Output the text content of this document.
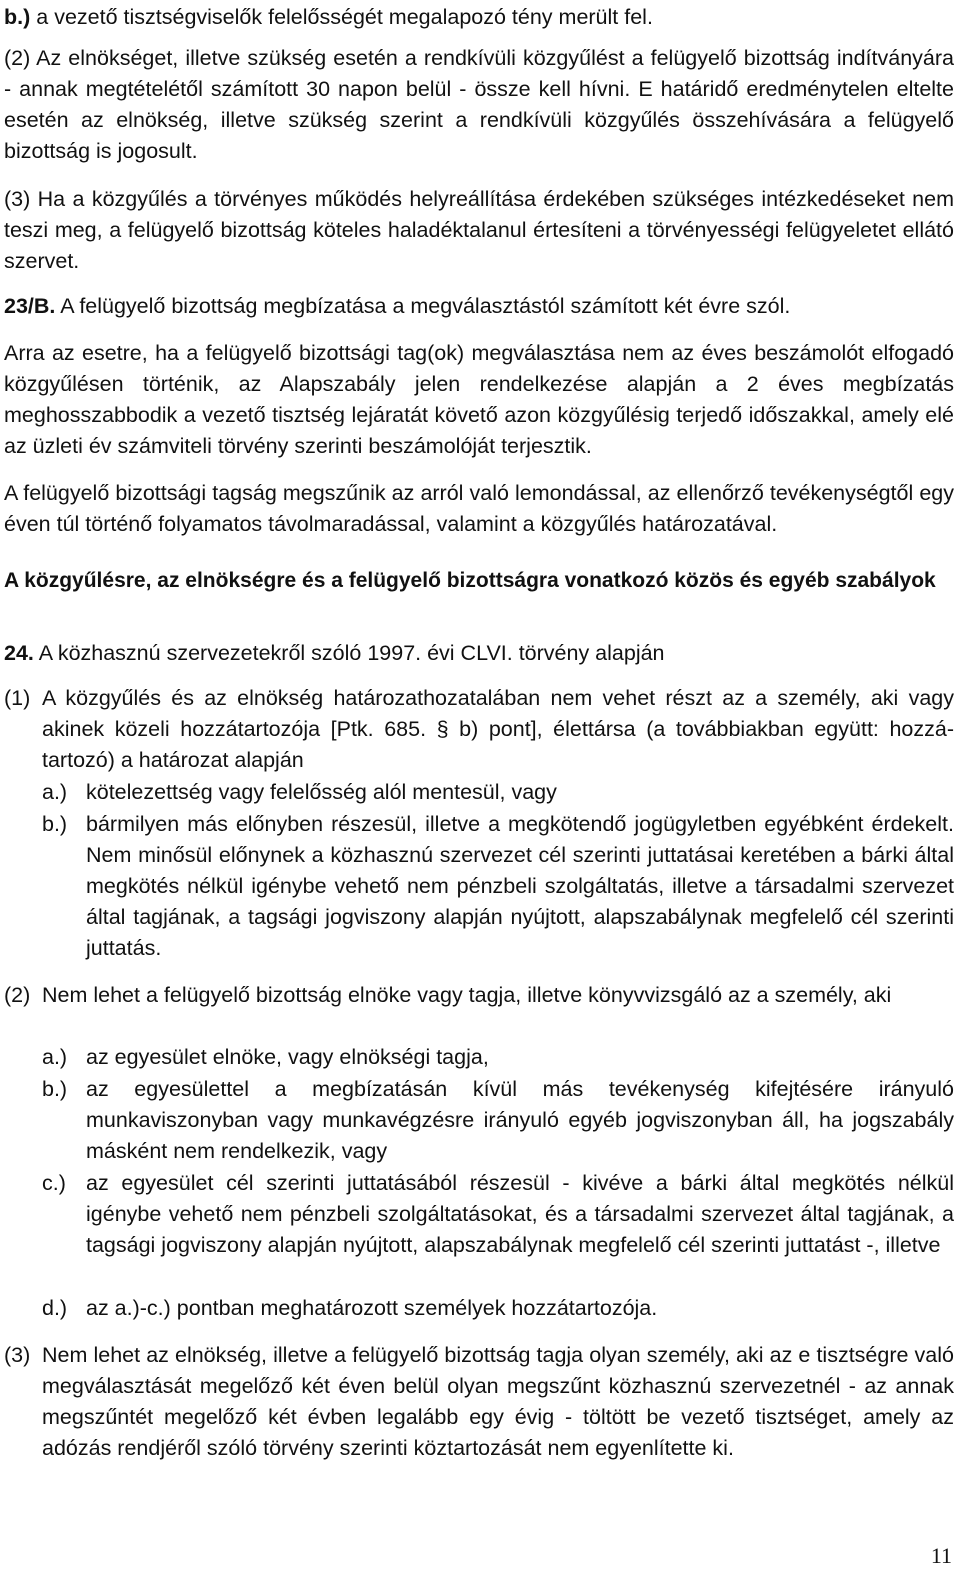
b.) a vezető tisztségviselők felelősségét megalapozó tény merült fel.

(2) Az elnökséget, illetve szükség esetén a rendkívüli közgyűlést a felügyelő bizottság indítványára - annak megtételétől számított 30 napon belül - össze kell hívni. E határidő eredménytelen eltelte esetén az elnökség, illetve szükség szerint a rendkívüli közgyűlés összehívására a felügyelő bizottság is jogosult.

(3) Ha a közgyűlés a törvényes működés helyreállítása érdekében szükséges intézkedéseket nem teszi meg, a felügyelő bizottság köteles haladéktalanul értesíteni a törvényességi felügyeletet ellátó szervet.

23/B. A felügyelő bizottság megbízatása a megválasztástól számított két évre szól.

Arra az esetre, ha a felügyelő bizottsági tag(ok) megválasztása nem az éves beszámolót elfogadó közgyűlésen történik, az Alapszabály jelen rendelkezése alapján a 2 éves megbízatás meghosszabbodik a vezető tisztség lejáratát követő azon közgyűlésig terjedő időszakkal, amely elé az üzleti év számviteli törvény szerinti beszámolóját terjesztik.

A felügyelő bizottsági tagság megszűnik az arról való lemondással, az ellenőrző tevékenységtől egy éven túl történő folyamatos távolmaradással, valamint a közgyűlés határozatával.

A közgyűlésre, az elnökségre és a felügyelő bizottságra vonatkozó közös és egyéb szabályok

24. A közhasznú szervezetekről szóló 1997. évi CLVI. törvény alapján

(1) A közgyűlés és az elnökség határozathozatalában nem vehet részt az a személy, aki vagy akinek közeli hozzátartozója [Ptk. 685. § b) pont], élettársa (a továbbiakban együtt: hozzá- tartozó) a határozat alapján
a.) kötelezettség vagy felelősség alól mentesül, vagy
b.) bármilyen más előnyben részesül, illetve a megkötendő jogügyletben egyébként érdekelt. Nem minősül előnynek a közhasznú szervezet cél szerinti juttatásai keretében a bárki által megkötés nélkül igénybe vehető nem pénzbeli szolgáltatás, illetve a társadalmi szervezet által tagjának, a tagsági jogviszony alapján nyújtott, alapszabálynak megfelelő cél szerinti juttatás.
(2) Nem lehet a felügyelő bizottság elnöke vagy tagja, illetve könyvvizsgáló az a személy, aki
a.) az egyesület elnöke, vagy elnökségi tagja,
b.) az egyesülettel a megbízatásán kívül más tevékenység kifejtésére irányuló munkaviszonyban vagy munkavégzésre irányuló egyéb jogviszonyban áll, ha jogszabály másként nem rendelkezik, vagy
c.) az egyesület cél szerinti juttatásából részesül - kivéve a bárki által megkötés nélkül igénybe vehető nem pénzbeli szolgáltatásokat, és a társadalmi szervezet által tagjának, a tagsági jogviszony alapján nyújtott, alapszabálynak megfelelő cél szerinti juttatást -, illetve
d.) az a.)-c.) pontban meghatározott személyek hozzátartozója.
(3) Nem lehet az elnökség, illetve a felügyelő bizottság tagja olyan személy, aki az e tisztségre való megválasztását megelőző két éven belül olyan megszűnt közhasznú szervezetnél - az annak megszűntét megelőző két évben legalább egy évig - töltött be vezető tisztséget, amely az adózás rendjéről szóló törvény szerinti köztartozását nem egyenlítette ki.
11
